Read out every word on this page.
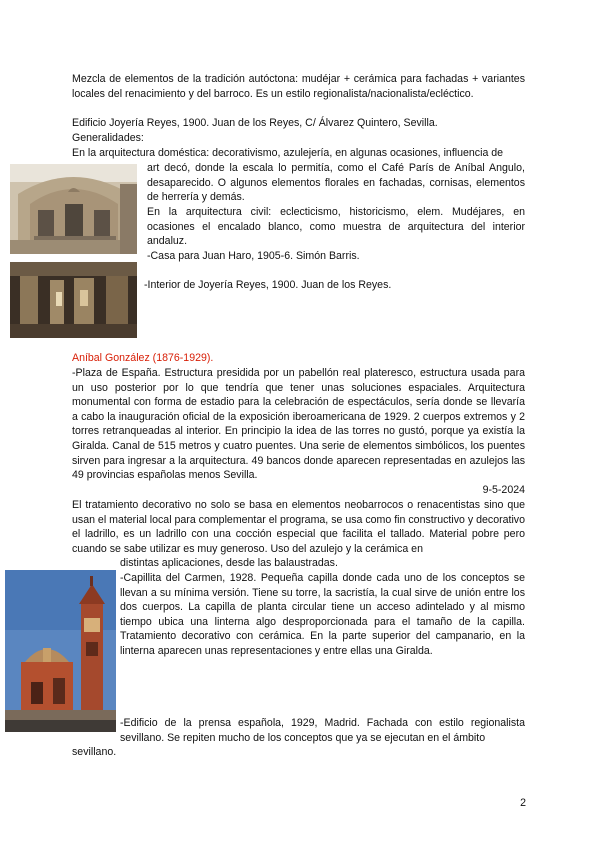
Mezcla de elementos de la tradición autóctona: mudéjar + cerámica para fachadas + variantes locales del renacimiento y del barroco. Es un estilo regionalista/nacionalista/ecléctico.

Edificio Joyería Reyes, 1900. Juan de los Reyes, C/ Álvarez Quintero, Sevilla.

Generalidades:

En la arquitectura doméstica: decorativismo, azulejería, en algunas ocasiones, influencia de

art decó, donde la escala lo permitía, como el Café París de Aníbal Angulo, desaparecido. O algunos elementos florales en fachadas, cornisas, elementos de herrería y demás.

En la arquitectura civil: eclecticismo, historicismo, elem. Mudéjares, en ocasiones el encalado blanco, como muestra de arquitectura del interior andaluz.

-Casa para Juan Haro, 1905-6. Simón Barris.

-Interior de Joyería Reyes, 1900. Juan de los Reyes.

Aníbal González (1876-1929).

-Plaza de España. Estructura presidida por un pabellón real plateresco, estructura usada para un uso posterior por lo que tendría que tener unas soluciones espaciales. Arquitectura monumental con forma de estadio para la celebración de espectáculos, sería donde se llevaría a cabo la inauguración oficial de la exposición iberoamericana de 1929. 2 cuerpos extremos y 2 torres retranqueadas al interior. En principio la idea de las torres no gustó, porque ya existía la Giralda. Canal de 515 metros y cuatro puentes. Una serie de elementos simbólicos, los puentes sirven para ingresar a la arquitectura. 49 bancos donde aparecen representadas en azulejos las 49 provincias españolas menos Sevilla.

9-5-2024

El tratamiento decorativo no solo se basa en elementos neobarrocos o renacentistas sino que usan el material local para complementar el programa, se usa como fin constructivo y decorativo el ladrillo, es un ladrillo con una cocción especial que facilita el tallado. Material pobre pero cuando se sabe utilizar es muy generoso. Uso del azulejo y la cerámica en

distintas aplicaciones, desde las balaustradas.

-Capillita del Carmen, 1928. Pequeña capilla donde cada uno de los conceptos se llevan a su mínima versión. Tiene su torre, la sacristía, la cual sirve de unión entre los dos cuerpos. La capilla de planta circular tiene un acceso adintelado y al mismo tiempo ubica una linterna algo desproporcionada para el tamaño de la capilla. Tratamiento decorativo con cerámica. En la parte superior del campanario, en la linterna aparecen unas representaciones y entre ellas una Giralda.

-Edificio de la prensa española, 1929, Madrid. Fachada con estilo regionalista sevillano. Se repiten mucho de los conceptos que ya se ejecutan en el ámbito

sevillano.

2
